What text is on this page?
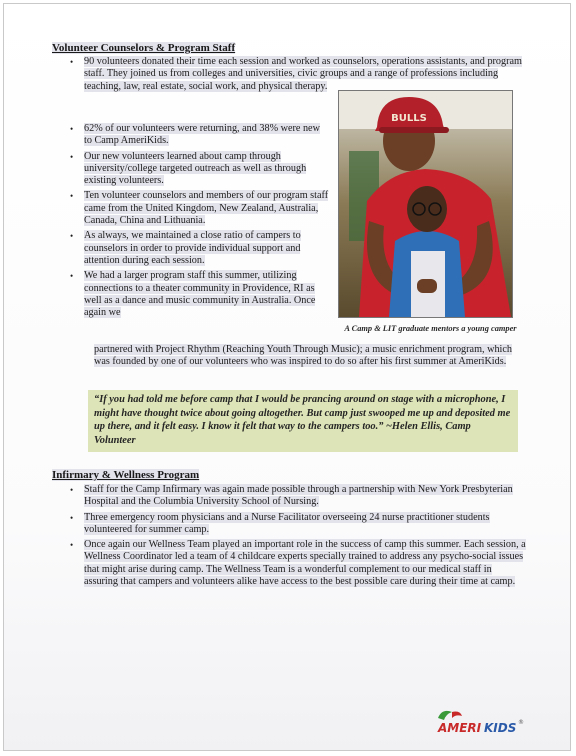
Volunteer Counselors & Program Staff
• 90 volunteers donated their time each session and worked as counselors, operations assistants, and program staff. They joined us from colleges and universities, civic groups and a range of professions including teaching, law, real estate, social work, and physical therapy.
• 62% of our volunteers were returning, and 38% were new to Camp AmeriKids.
• Our new volunteers learned about camp through university/college targeted outreach as well as through existing volunteers.
• Ten volunteer counselors and members of our program staff came from the United Kingdom, New Zealand, Australia, Canada, China and Lithuania.
• As always, we maintained a close ratio of campers to counselors in order to provide individual support and attention during each session.
• We had a larger program staff this summer, utilizing connections to a theater community in Providence, RI as well as a dance and music community in Australia. Once again we
BULLS
A Camp & LIT graduate mentors a young camper
partnered with Project Rhythm (Reaching Youth Through Music); a music enrichment program, which was founded by one of our volunteers who was inspired to do so after his first summer at AmeriKids.
“If you had told me before camp that I would be prancing around on stage with a microphone, I might have thought twice about going altogether. But camp just swooped me up and deposited me up there, and it felt easy. I know it felt that way to the campers too.” ~Helen Ellis, Camp Volunteer
Infirmary & Wellness Program
• Staff for the Camp Infirmary was again made possible through a partnership with New York Presbyterian Hospital and the Columbia University School of Nursing.
• Three emergency room physicians and a Nurse Facilitator overseeing 24 nurse practitioner students volunteered for summer camp.
• Once again our Wellness Team played an important role in the success of camp this summer. Each session, a Wellness Coordinator led a team of 4 childcare experts specially trained to address any psycho-social issues that might arise during camp. The Wellness Team is a wonderful complement to our medical staff in assuring that campers and volunteers alike have access to the best possible care during their time at camp.
AMERI KIDS ®
